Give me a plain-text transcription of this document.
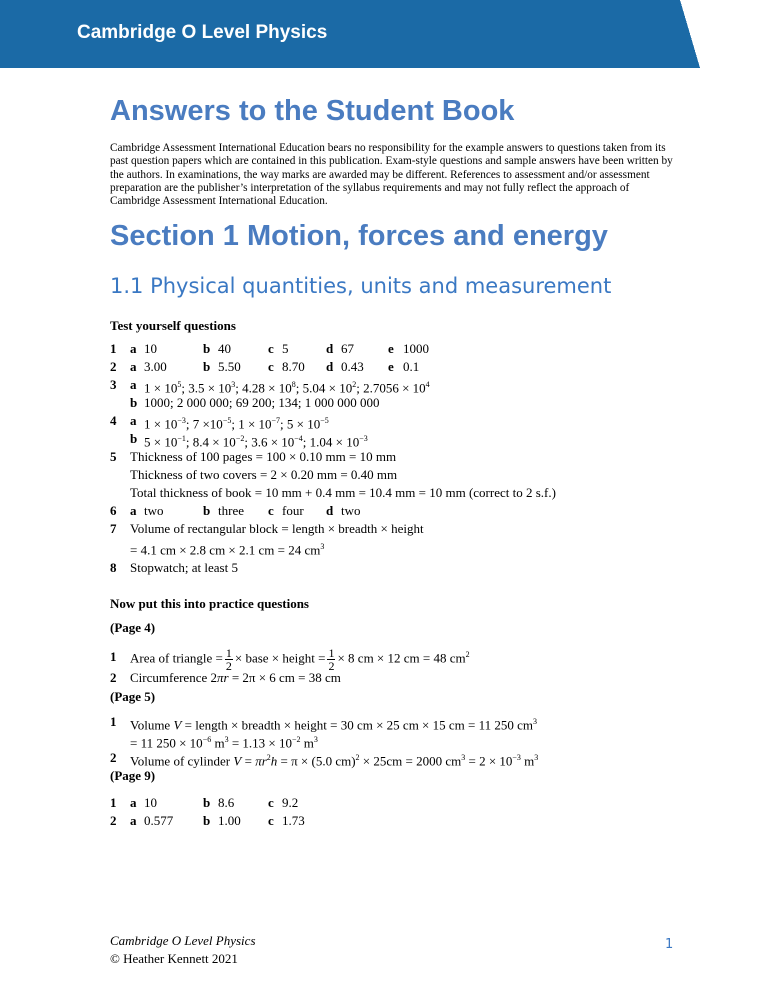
Cambridge O Level Physics
Answers to the Student Book
Cambridge Assessment International Education bears no responsibility for the example answers to questions taken from its past question papers which are contained in this publication. Exam-style questions and sample answers have been written by the authors. In examinations, the way marks are awarded may be different. References to assessment and/or assessment preparation are the publisher’s interpretation of the syllabus requirements and may not fully reflect the approach of Cambridge Assessment International Education.
Section 1 Motion, forces and energy
1.1 Physical quantities, units and measurement
Test yourself questions
1 a 10	b 40	c 5	d 67	e 1000
2 a 3.00	b 5.50 c 8.70 d 0.43 e 0.1
3 a $1 \times 10^5$; $3.5 \times 10^3$; $4.28 \times 10^8$; $5.04 \times 10^2$; $2.7056 \times 10^4$
b 1000; 2 000 000; 69 200; 134; 1 000 000 000
4 a $1 \times 10^{-3}$; $7 \times 10^{-5}$; $1 \times 10^{-7}$; $5 \times 10^{-5}$
b $5 \times 10^{-1}$; $8.4 \times 10^{-2}$; $3.6 \times 10^{-4}$; $1.04 \times 10^{-3}$
5 Thickness of 100 pages = 100 × 0.10 mm = 10 mm
Thickness of two covers = 2 × 0.20 mm = 0.40 mm
Total thickness of book = 10 mm + 0.4 mm = 10.4 mm = 10 mm (correct to 2 s.f.)
6 a two	b three c four d two
7 Volume of rectangular block = length × breadth × height
= 4.1 cm × 2.8 cm × 2.1 cm = 24 $cm^3$
8 Stopwatch; at least 5
Now put this into practice questions
(Page 4)
1 Area of triangle = $\frac{1}{2}$ × base × height = $\frac{1}{2} \times 8$ cm × 12 cm = 48 $cm^2$
2 Circumference 2πr = 2π × 6 cm = 38 cm
(Page 5)
1 Volume V = length × breadth × height = 30 cm × 25 cm × 15 cm = 11 250 $cm^3$
= 11 $250 \times 10^{-6}$ $m^3 = 1.13 \times 10^{-2}$ $m^3$
2 Volume of cylinder $V = \pi r^2h = \pi \times (5.0$ cm)$^2$ × 25cm = 2000 $cm^3 = 2 \times 10^{-3}$ $m^3$
(Page 9)
1 a 10	b 8.6	c 9.2
2 a 0.577 b 1.00 c 1.73
Cambridge O Level Physics
© Heather Kennett 2021
1
